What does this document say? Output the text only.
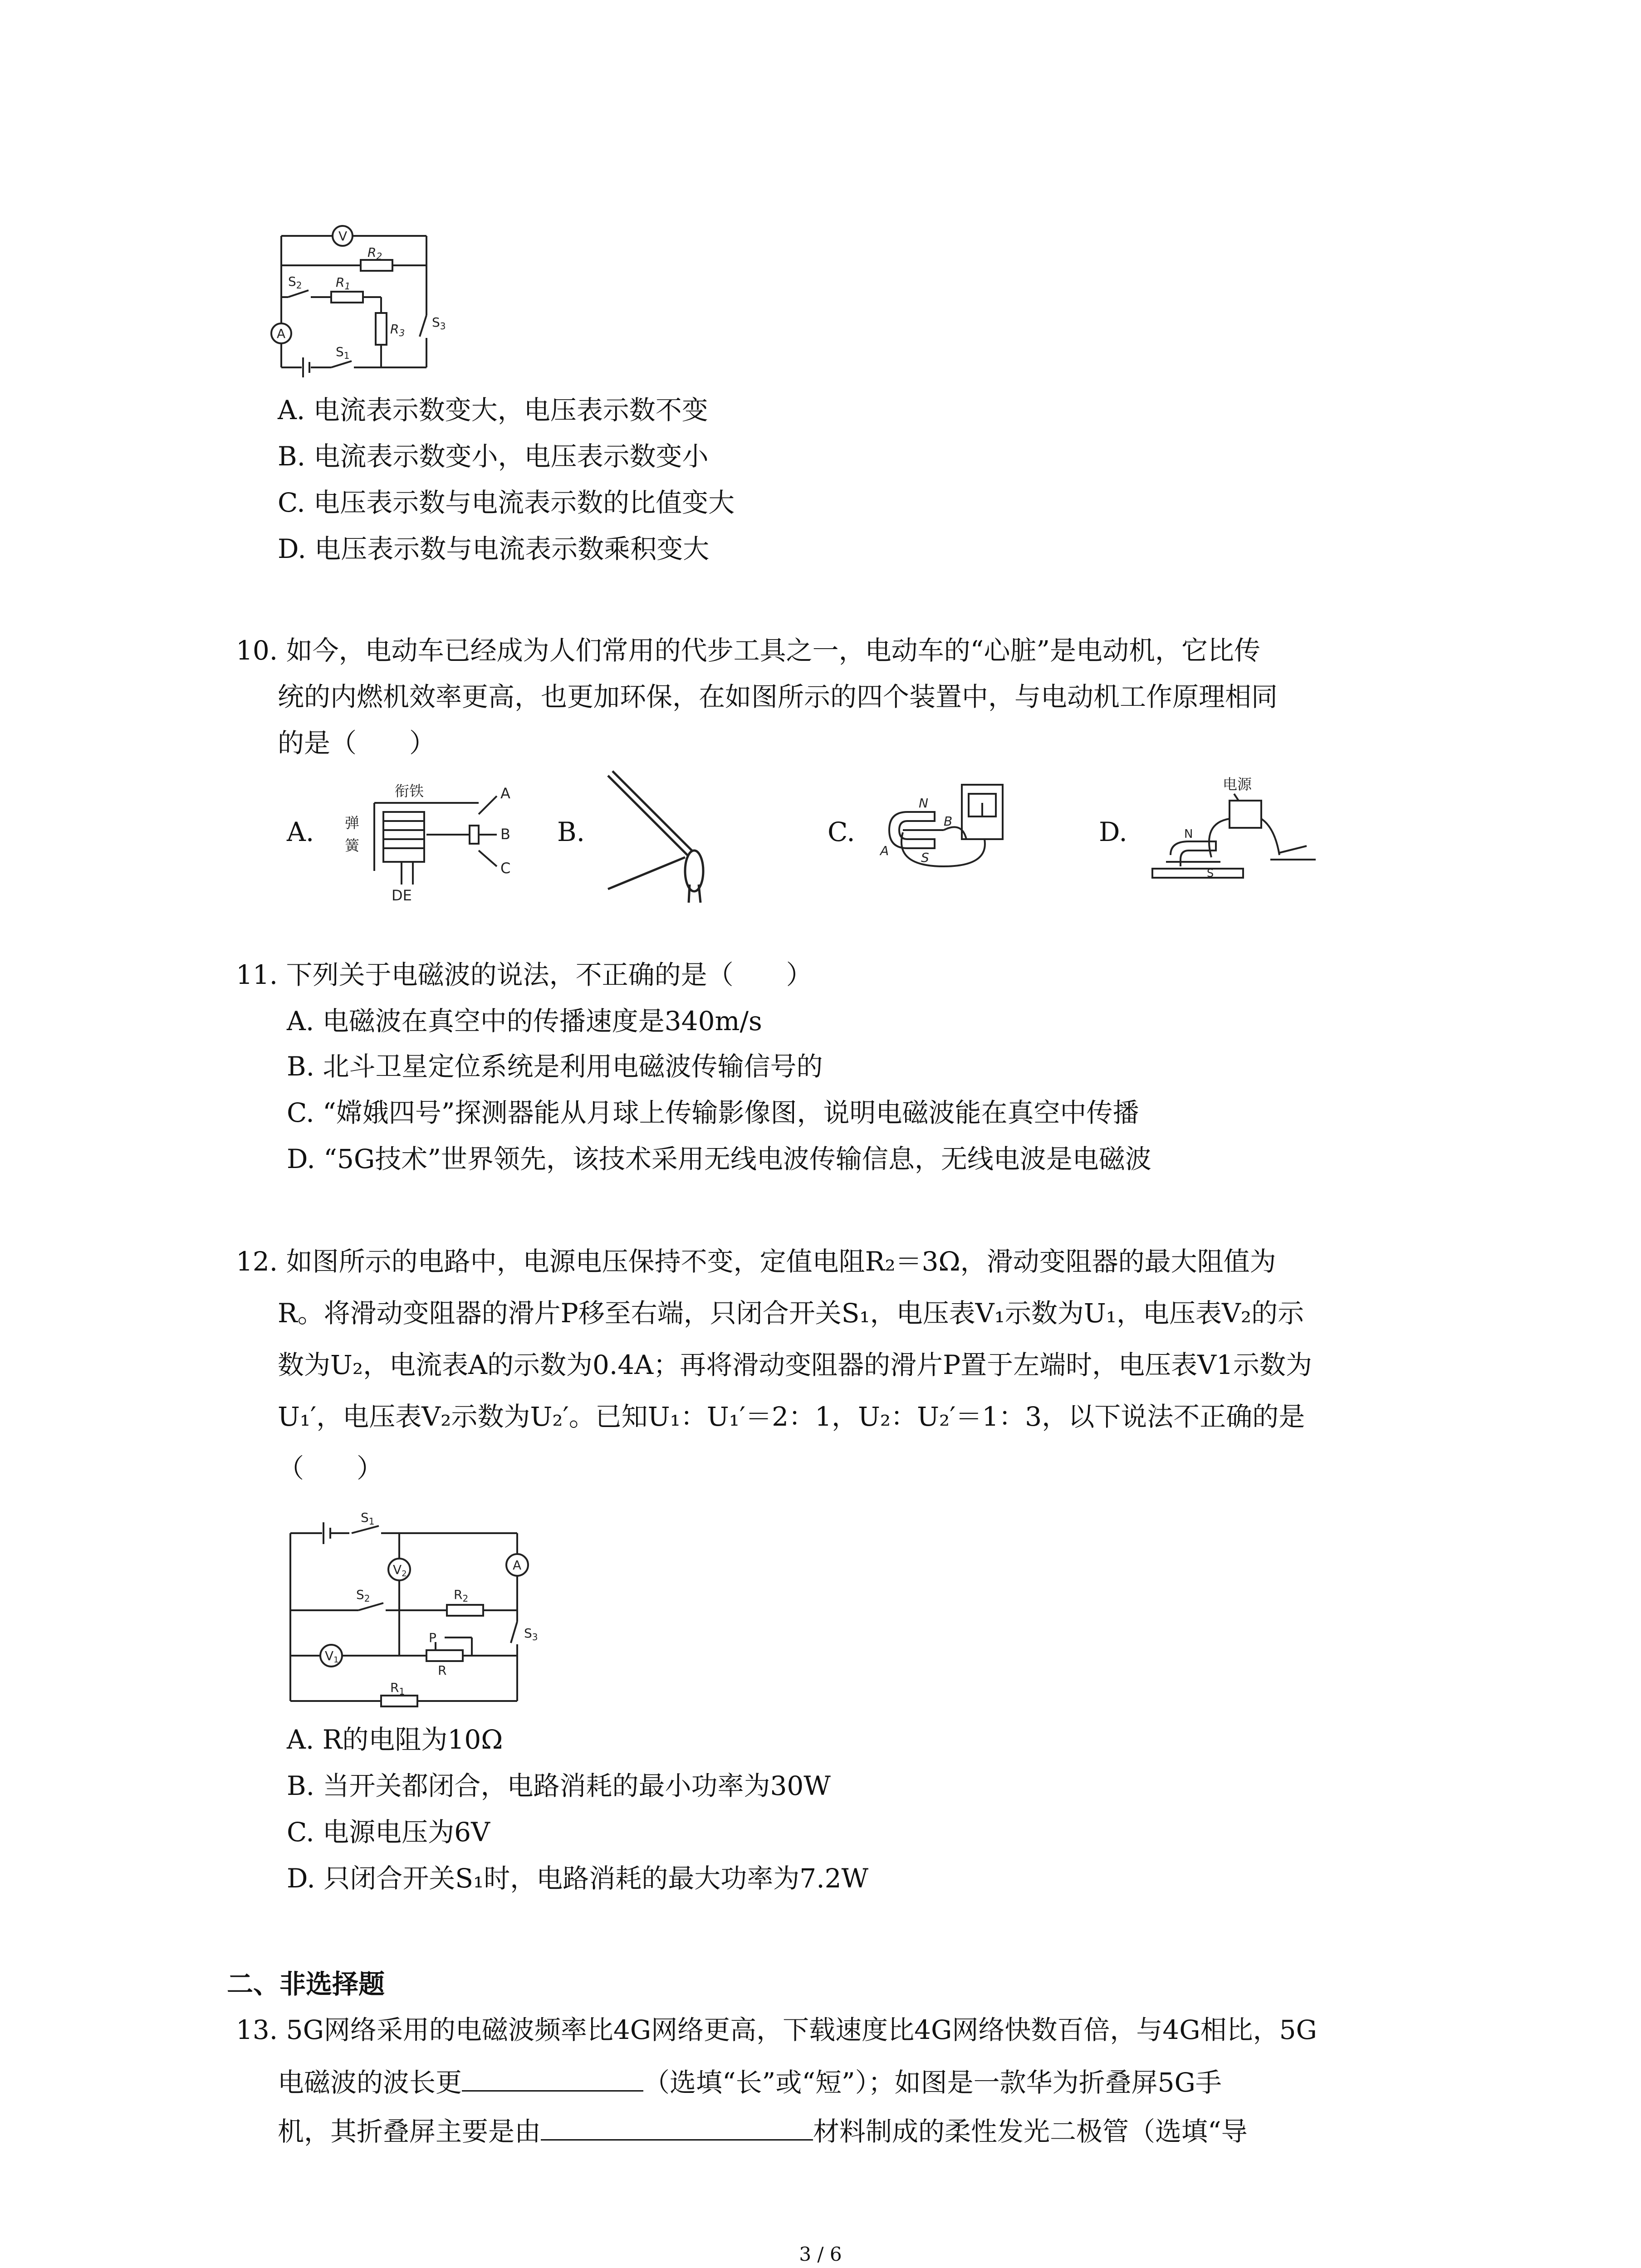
V
$R_2$
$S_2$	$R_1$
A	$R_3$
$S_3$
$S_1$
A. 电流表示数变大，电压表示数不变
B. 电流表示数变小，电压表示数变小
C. 电压表示数与电流表示数的比值变大
D. 电压表示数与电流表示数乘积变大
10. 如今，电动车已经成为人们常用的代步工具之一，电动车的“心脏”是电动机，它比传
统的内燃机效率更高，也更加环保，在如图所示的四个装置中，与电动机工作原理相同
的是（　　）
A.	B.	C.	D.
衔铁
弹
簧
A
B
C
DE
N
B
A	S
电源
N
S
11. 下列关于电磁波的说法，不正确的是（　　）
A. 电磁波在真空中的传播速度是340m/s
B. 北斗卫星定位系统是利用电磁波传输信号的
C. “嫦娥四号”探测器能从月球上传输影像图，说明电磁波能在真空中传播
D. “5G技术”世界领先，该技术采用无线电波传输信息，无线电波是电磁波
12. 如图所示的电路中，电源电压保持不变，定值电阻R₂＝3Ω，滑动变阻器的最大阻值为
R。将滑动变阻器的滑片P移至右端，只闭合开关S₁，电压表V₁示数为U₁，电压表V₂的示
数为U₂，电流表A的示数为0.4A；再将滑动变阻器的滑片P置于左端时，电压表V1示数为
U₁′，电压表V₂示数为U₂′。已知U₁：U₁′＝2：1，U₂：U₂′＝1：3，以下说法不正确的是
（　　）
$S_1$
V2
A
$S_2$	$R_2$
$S_3$
V1
P
R
$R_1$
A. R的电阻为10Ω
B. 当开关都闭合，电路消耗的最小功率为30W
C. 电源电压为6V
D. 只闭合开关S₁时，电路消耗的最大功率为7.2W
二、非选择题
13. 5G网络采用的电磁波频率比4G网络更高，下载速度比4G网络快数百倍，与4G相比，5G
电磁波的波长更	（选填“长”或“短”）；如图是一款华为折叠屏5G手
机，其折叠屏主要是由	材料制成的柔性发光二极管（选填“导
3 / 6
